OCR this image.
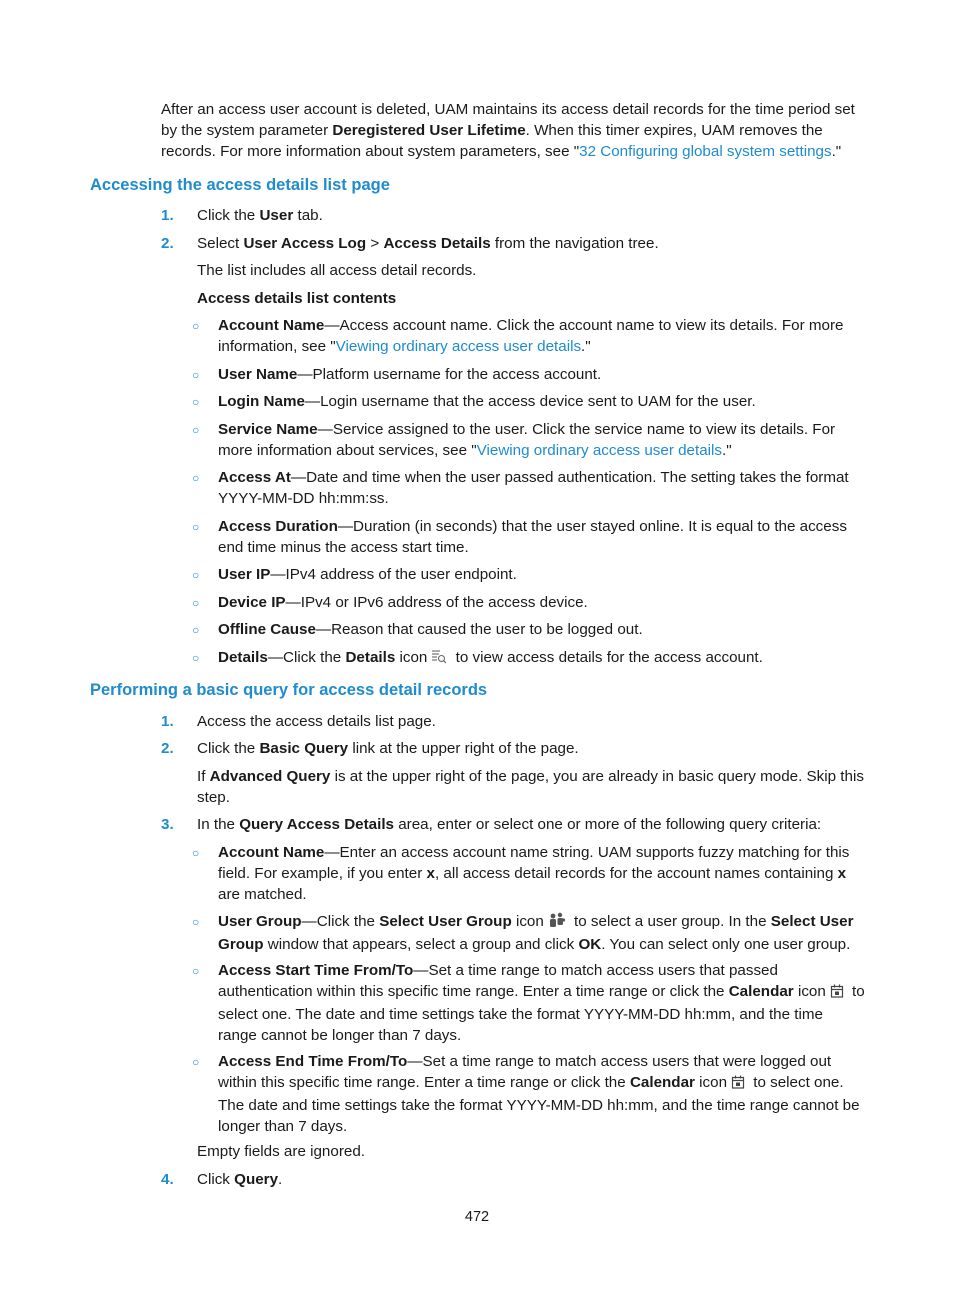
After an access user account is deleted, UAM maintains its access detail records for the time period set by the system parameter Deregistered User Lifetime. When this timer expires, UAM removes the records. For more information about system parameters, see "32 Configuring global system settings."

Accessing the access details list page
1. Click the User tab.

2. Select User Access Log > Access Details from the navigation tree.

The list includes all access detail records.

Access details list contents

○ Account Name—Access account name. Click the account name to view its details. For more information, see "Viewing ordinary access user details."

○ User Name—Platform username for the access account.

○ Login Name—Login username that the access device sent to UAM for the user.

○ Service Name—Service assigned to the user. Click the service name to view its details. For more information about services, see "Viewing ordinary access user details."

○ Access At—Date and time when the user passed authentication. The setting takes the format YYYY-MM-DD hh:mm:ss.

○ Access Duration—Duration (in seconds) that the user stayed online. It is equal to the access end time minus the access start time.

○ User IP—IPv4 address of the user endpoint.

○ Device IP—IPv4 or IPv6 address of the access device.

○ Offline Cause—Reason that caused the user to be logged out.

○ Details—Click the Details icon to view access details for the access account.

Performing a basic query for access detail records
1. Access the access details list page.

2. Click the Basic Query link at the upper right of the page.

If Advanced Query is at the upper right of the page, you are already in basic query mode. Skip this step.

3. In the Query Access Details area, enter or select one or more of the following query criteria:

○ Account Name—Enter an access account name string. UAM supports fuzzy matching for this field. For example, if you enter x, all access detail records for the account names containing x are matched.

○ User Group—Click the Select User Group icon to select a user group. In the Select User Group window that appears, select a group and click OK. You can select only one user group.

○ Access Start Time From/To—Set a time range to match access users that passed authentication within this specific time range. Enter a time range or click the Calendar icon to select one. The date and time settings take the format YYYY-MM-DD hh:mm, and the time range cannot be longer than 7 days.

○ Access End Time From/To—Set a time range to match access users that were logged out within this specific time range. Enter a time range or click the Calendar icon to select one. The date and time settings take the format YYYY-MM-DD hh:mm, and the time range cannot be longer than 7 days.

Empty fields are ignored.

4. Click Query.

472
